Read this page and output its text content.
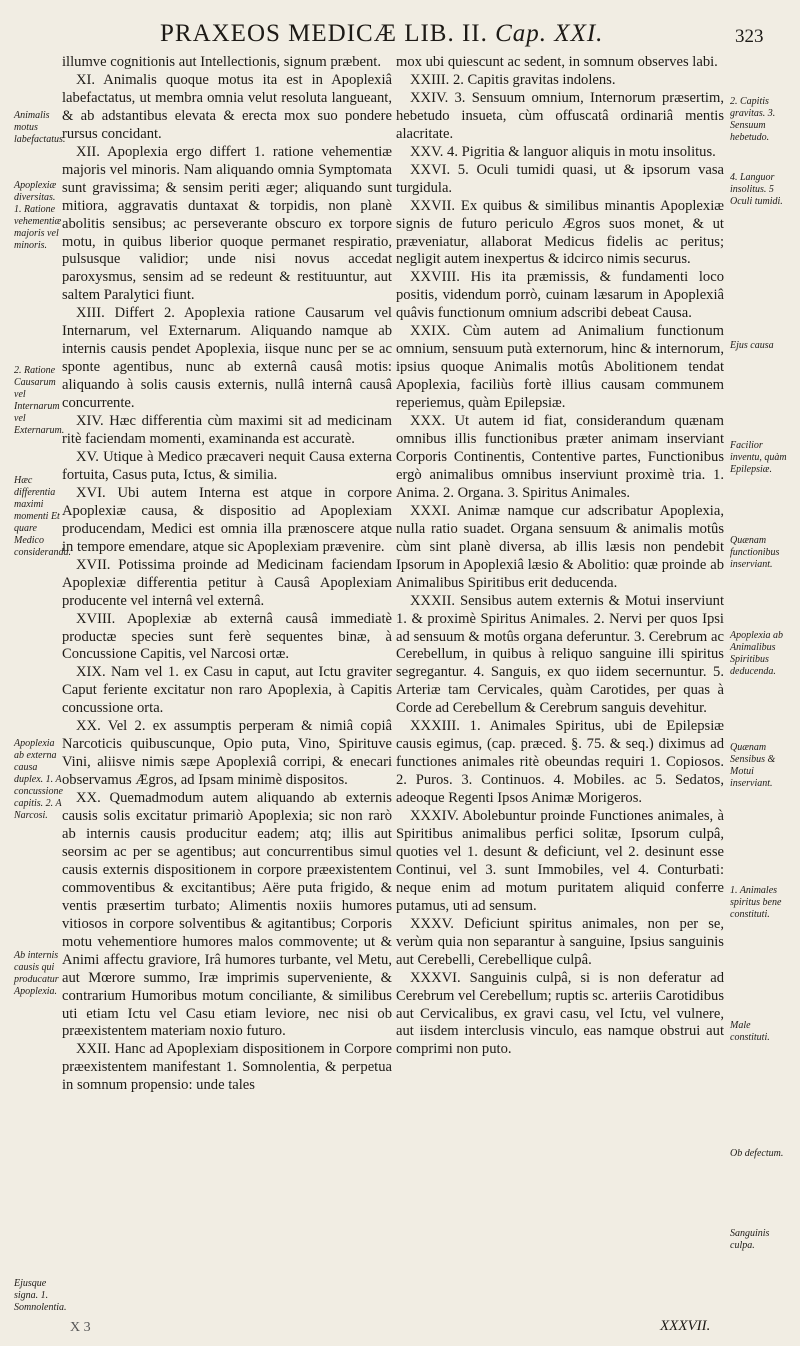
PRAXEOS MEDICÆ LIB. II. Cap. XXI.	323

illumve cognitionis aut Intellectionis, signum præbent.

XI. Animalis quoque motus ita est in Apoplexiâ labefactatus, ut membra omnia velut resoluta langueant, & ab adstantibus elevata & erecta mox suo pondere rursus concidant.

XII. Apoplexia ergo differt 1. ratione vehementiæ majoris vel minoris. Nam aliquando omnia Symptomata sunt gravissima; & sensim periti æger; aliquando sunt mitiora, aggravatis duntaxat & torpidis, non planè abolitis sensibus; ac perseverante obscuro ex torpore motu, in quibus liberior quoque permanet respiratio, pulsusque validior; unde nisi novus accedat paroxysmus, sensim ad se redeunt & restituuntur, aut saltem Paralytici fiunt.

XIII. Differt 2. Apoplexia ratione Causarum vel Internarum, vel Externarum. Aliquando namque ab internis causis pendet Apoplexia, iisque nunc per se ac sponte agentibus, nunc ab externâ causâ motis: aliquando à solis causis externis, nullâ internâ causâ concurrente.

XIV. Hæc differentia cùm maximi sit ad medicinam ritè faciendam momenti, examinanda est accuratè.

XV. Utique à Medico præcaveri nequit Causa externa fortuita, Casus puta, Ictus, & similia.

XVI. Ubi autem Interna est atque in corpore Apoplexiæ causa, & dispositio ad Apoplexiam producendam, Medici est omnia illa prænoscere atque in tempore emendare, atque sic Apoplexiam prævenire.

XVII. Potissima proinde ad Medicinam faciendam Apoplexiæ differentia petitur à Causâ Apoplexiam producente vel internâ vel externâ.

XVIII. Apoplexiæ ab externâ causâ immediatè productæ species sunt ferè sequentes binæ, à Concussione Capitis, vel Narcosi ortæ.

XIX. Nam vel 1. ex Casu in caput, aut Ictu graviter Caput feriente excitatur non raro Apoplexia, à Capitis concussione orta.

XX. Vel 2. ex assumptis perperam & nimiâ copiâ Narcoticis quibuscunque, Opio puta, Vino, Spirituve Vini, aliisve nimis sæpe Apoplexiâ corripi, & enecari observamus Ægros, ad Ipsam minimè dispositos.

XX. Quemadmodum autem aliquando ab externis causis solis excitatur primariò Apoplexia; sic non rarò ab internis causis producitur eadem; atq; illis aut seorsim ac per se agentibus; aut concurrentibus simul causis externis dispositionem in corpore præexistentem commoventibus & excitantibus; Aëre puta frigido, & ventis præsertim turbato; Alimentis noxiis humores vitiosos in corpore solventibus & agitantibus; Corporis motu vehementiore humores malos commovente; ut & Animi affectu graviore, Irâ humores turbante, vel Metu, aut Mœrore summo, Iræ imprimis superveniente, & contrarium Humoribus motum conciliante, & similibus uti etiam Ictu vel Casu etiam leviore, nec nisi ob præexistentem materiam noxio futuro.

XXII. Hanc ad Apoplexiam dispositionem in Corpore præexistentem manifestant 1. Somnolentia, & perpetua in somnum propensio: unde tales

mox ubi quiescunt ac sedent, in somnum observes labi.

XXIII. 2. Capitis gravitas indolens.

XXIV. 3. Sensuum omnium, Internorum præsertim, hebetudo insueta, cùm offuscatâ ordinariâ mentis alacritate.

XXV. 4. Pigritia & languor aliquis in motu insolitus.

XXVI. 5. Oculi tumidi quasi, ut & ipsorum vasa turgidula.

XXVII. Ex quibus & similibus minantis Apoplexiæ signis de futuro periculo Ægros suos monet, & ut præveniatur, allaborat Medicus fidelis ac peritus; negligit autem inexpertus & idcirco nimis securus.

XXVIII. His ita præmissis, & fundamenti loco positis, videndum porrò, cuinam læsarum in Apoplexiâ quâvis functionum omnium adscribi debeat Causa.

XXIX. Cùm autem ad Animalium functionum omnium, sensuum putà externorum, hinc & internorum, ipsius quoque Animalis motûs Abolitionem tendat Apoplexia, faciliùs fortè illius causam communem reperiemus, quàm Epilepsiæ.

XXX. Ut autem id fiat, considerandum quænam omnibus illis functionibus præter animam inserviant Corporis Continentis, Contentive partes, Functionibus ergò animalibus omnibus inserviunt proximè tria. 1. Anima. 2. Organa. 3. Spiritus Animales.

XXXI. Animæ namque cur adscribatur Apoplexia, nulla ratio suadet. Organa sensuum & animalis motûs cùm sint planè diversa, ab illis læsis non pendebit Ipsorum in Apoplexiâ læsio & Abolitio: quæ proinde ab Animalibus Spiritibus erit deducenda.

XXXII. Sensibus autem externis & Motui inserviunt 1. & proximè Spiritus Animales. 2. Nervi per quos Ipsi ad sensuum & motûs organa deferuntur. 3. Cerebrum ac Cerebellum, in quibus à reliquo sanguine illi spiritus segregantur. 4. Sanguis, ex quo iidem secernuntur. 5. Arteriæ tam Cervicales, quàm Carotides, per quas à Corde ad Cerebellum & Cerebrum sanguis devehitur.

XXXIII. 1. Animales Spiritus, ubi de Epilepsiæ causis egimus, (cap. præced. §. 75. & seq.) diximus ad functiones animales ritè obeundas requiri 1. Copiosos. 2. Puros. 3. Continuos. 4. Mobiles. ac 5. Sedatos, adeoque Regenti Ipsos Animæ Morigeros.

XXXIV. Abolebuntur proinde Functiones animales, à Spiritibus animalibus perfici solitæ, Ipsorum culpâ, quoties vel 1. desunt & deficiunt, vel 2. desinunt esse Continui, vel 3. sunt Immobiles, vel 4. Conturbati: neque enim ad motum puritatem aliquid conferre putamus, uti ad sensum.

XXXV. Deficiunt spiritus animales, non per se, verùm quia non separantur à sanguine, Ipsius sanguinis aut Cerebelli, Cerebellique culpâ.

XXXVI. Sanguinis culpâ, si is non deferatur ad Cerebrum vel Cerebellum; ruptis sc. arteriis Carotidibus aut Cervicalibus, ex gravi casu, vel Ictu, vel vulnere, aut iisdem interclusis vinculo, eas namque obstrui aut comprimi non puto.

Animalis motus labefactatus.
Apoplexiæ diversitas. 1. Ratione vehementiæ majoris vel minoris.
2. Ratione Causarum vel Internarum vel Externarum.
Hæc differentia maximi momenti Et quare Medico consideranda.
Apoplexia ab externa causa duplex. 1. A concussione capitis. 2. A Narcosi.
Ab internis causis qui producatur Apoplexia.
Ejusque signa. 1. Somnolentia.
2. Capitis gravitas. 3. Sensuum hebetudo.
4. Languor insolitus. 5 Oculi tumidi.
Ejus causa
Facilior inventu, quàm Epilepsiæ.
Quænam functionibus inserviant.
Apoplexia ab Animalibus Spiritibus deducenda.
Quænam Sensibus & Motui inserviant.
1. Animales spiritus bene constituti.
Male constituti.
Ob defectum.
Sanguinis culpa.
X 3	XXXVII.
